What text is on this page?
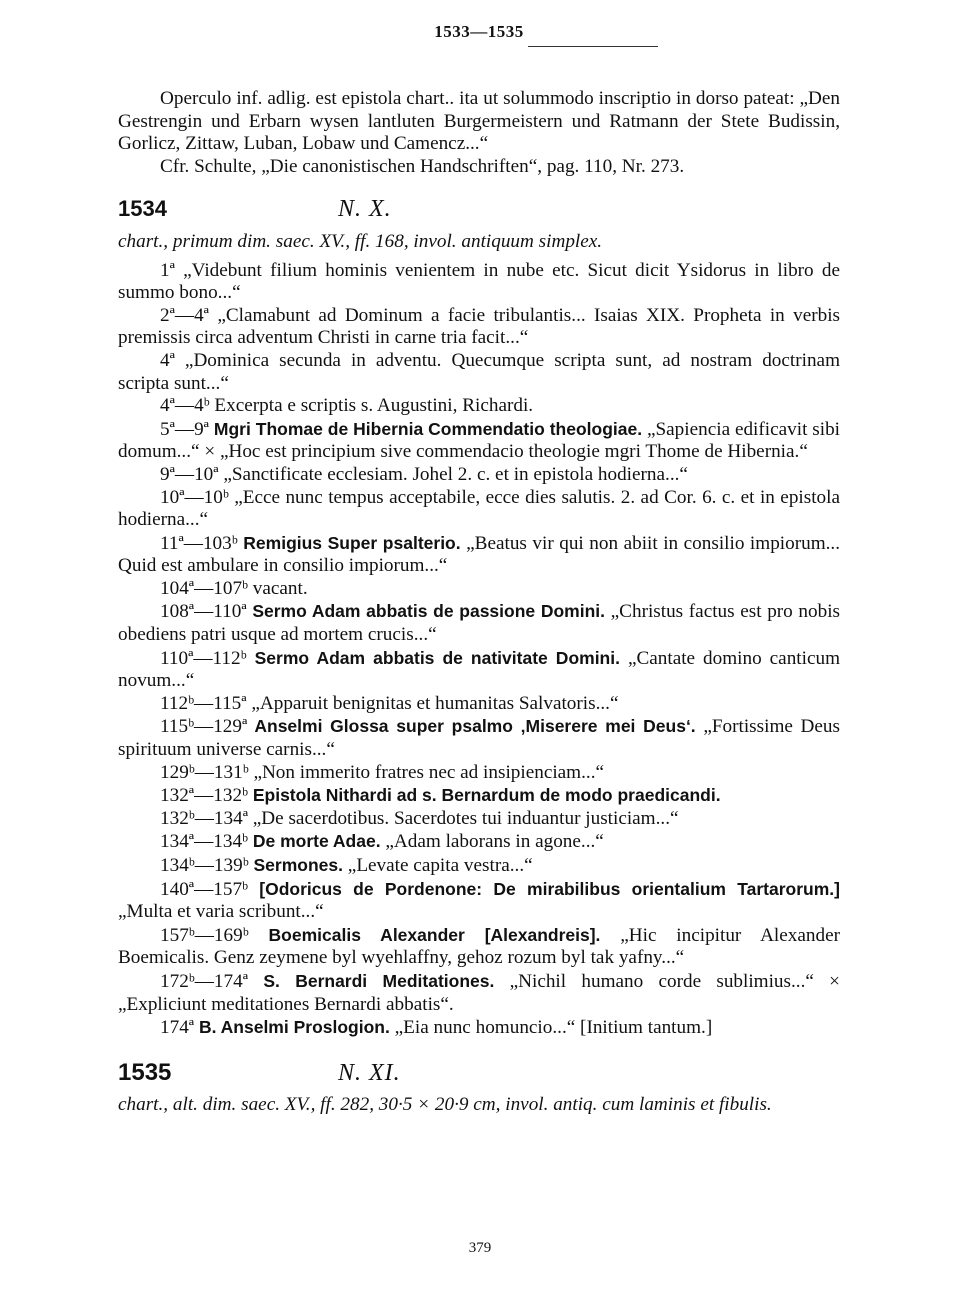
1533—1535

Operculo inf. adlig. est epistola chart.. ita ut solummodo inscriptio in dorso pateat: „Den Gestrengin und Erbarn wysen lantluten Burgermeistern und Ratmann der Stete Budissin, Gorlicz, Zittaw, Luban, Lobaw und Camencz...“

Cfr. Schulte, „Die canonistischen Handschriften“, pag. 110, Nr. 273.

1534	N. X.

chart., primum dim. saec. XV., ff. 168, invol. antiquum simplex.

1ª „Videbunt filium hominis venientem in nube etc. Sicut dicit Ysidorus in libro de summo bono...“

2ª—4ª „Clamabunt ad Dominum a facie tribulantis... Isaias XIX. Propheta in verbis premissis circa adventum Christi in carne tria facit...“

4ª „Dominica secunda in adventu. Quecumque scripta sunt, ad nostram doctrinam scripta sunt...“

4ª—4ᵇ Excerpta e scriptis s. Augustini, Richardi.

5ª—9ª Mgri Thomae de Hibernia Commendatio theologiae. „Sapiencia edificavit sibi domum...“ × „Hoc est principium sive commendacio theologie mgri Thome de Hibernia.“

9ª—10ª „Sanctificate ecclesiam. Johel 2. c. et in epistola hodierna...“

10ª—10ᵇ „Ecce nunc tempus acceptabile, ecce dies salutis. 2. ad Cor. 6. c. et in epistola hodierna...“

11ª—103ᵇ Remigius Super psalterio. „Beatus vir qui non abiit in consilio impiorum... Quid est ambulare in consilio impiorum...“

104ª—107ᵇ vacant.

108ª—110ª Sermo Adam abbatis de passione Domini. „Christus factus est pro nobis obediens patri usque ad mortem crucis...“

110ª—112ᵇ Sermo Adam abbatis de nativitate Domini. „Cantate domino canticum novum...“

112ᵇ—115ª „Apparuit benignitas et humanitas Salvatoris...“

115ᵇ—129ª Anselmi Glossa super psalmo ‚Miserere mei Deus‘. „Fortissime Deus spirituum universe carnis...“

129ᵇ—131ᵇ „Non immerito fratres nec ad insipienciam...“

132ª—132ᵇ Epistola Nithardi ad s. Bernardum de modo praedicandi.

132ᵇ—134ª „De sacerdotibus. Sacerdotes tui induantur justiciam...“

134ª—134ᵇ De morte Adae. „Adam laborans in agone...“

134ᵇ—139ᵇ Sermones. „Levate capita vestra...“

140ª—157ᵇ [Odoricus de Pordenone: De mirabilibus orientalium Tartarorum.] „Multa et varia scribunt...“

157ᵇ—169ᵇ Boemicalis Alexander [Alexandreis]. „Hic incipitur Alexander Boemicalis. Genz zeymene byl wyehlaffny, gehoz rozum byl tak yafny...“

172ᵇ—174ª S. Bernardi Meditationes. „Nichil humano corde sublimius...“ × „Expliciunt meditationes Bernardi abbatis“.

174ª B. Anselmi Proslogion. „Eia nunc homuncio...“ [Initium tantum.]

1535	N. XI.

chart., alt. dim. saec. XV., ff. 282, 30·5 × 20·9 cm, invol. antiq. cum laminis et fibulis.

379
